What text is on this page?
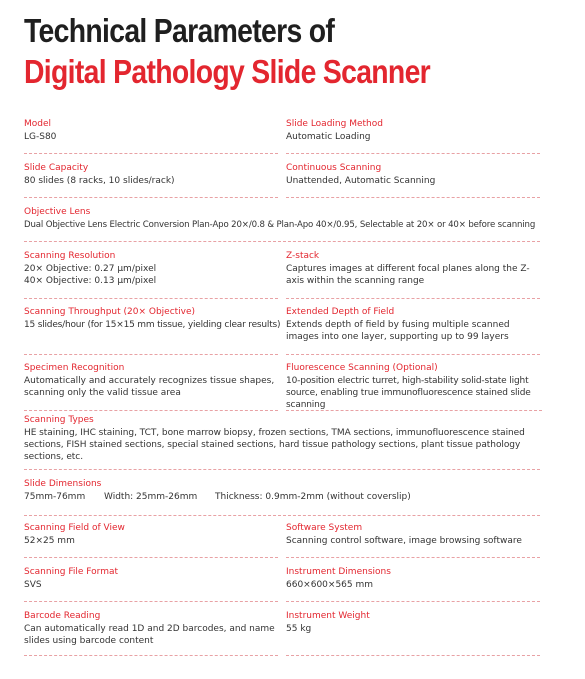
Technical Parameters of
Digital Pathology Slide Scanner
Model
LG-S80
Slide Loading Method
Automatic Loading
Slide Capacity
80 slides (8 racks, 10 slides/rack)
Continuous Scanning
Unattended, Automatic Scanning
Objective Lens
Dual Objective Lens Electric Conversion Plan-Apo 20×/0.8 & Plan-Apo 40×/0.95, Selectable at 20× or 40× before scanning
Scanning Resolution
20× Objective: 0.27 μm/pixel
40× Objective: 0.13 μm/pixel
Z-stack
Captures images at different focal planes along the Z-axis within the scanning range
Scanning Throughput (20× Objective)
15 slides/hour (for 15×15 mm tissue, yielding clear results)
Extended Depth of Field
Extends depth of field by fusing multiple scanned images into one layer, supporting up to 99 layers
Specimen Recognition
Automatically and accurately recognizes tissue shapes, scanning only the valid tissue area
Fluorescence Scanning (Optional)
10-position electric turret, high-stability solid-state light source, enabling true immunofluorescence stained slide scanning
Scanning Types
HE staining, IHC staining, TCT, bone marrow biopsy, frozen sections, TMA sections, immunofluorescence stained sections, FISH stained sections, special stained sections, hard tissue pathology sections, plant tissue pathology sections, etc.
Slide Dimensions
75mm-76mm Width: 25mm-26mm Thickness: 0.9mm-2mm (without coverslip)
Scanning Field of View
52×25 mm
Software System
Scanning control software, image browsing software
Scanning File Format
SVS
Instrument Dimensions
660×600×565 mm
Barcode Reading
Can automatically read 1D and 2D barcodes, and name slides using barcode content
Instrument Weight
55 kg
